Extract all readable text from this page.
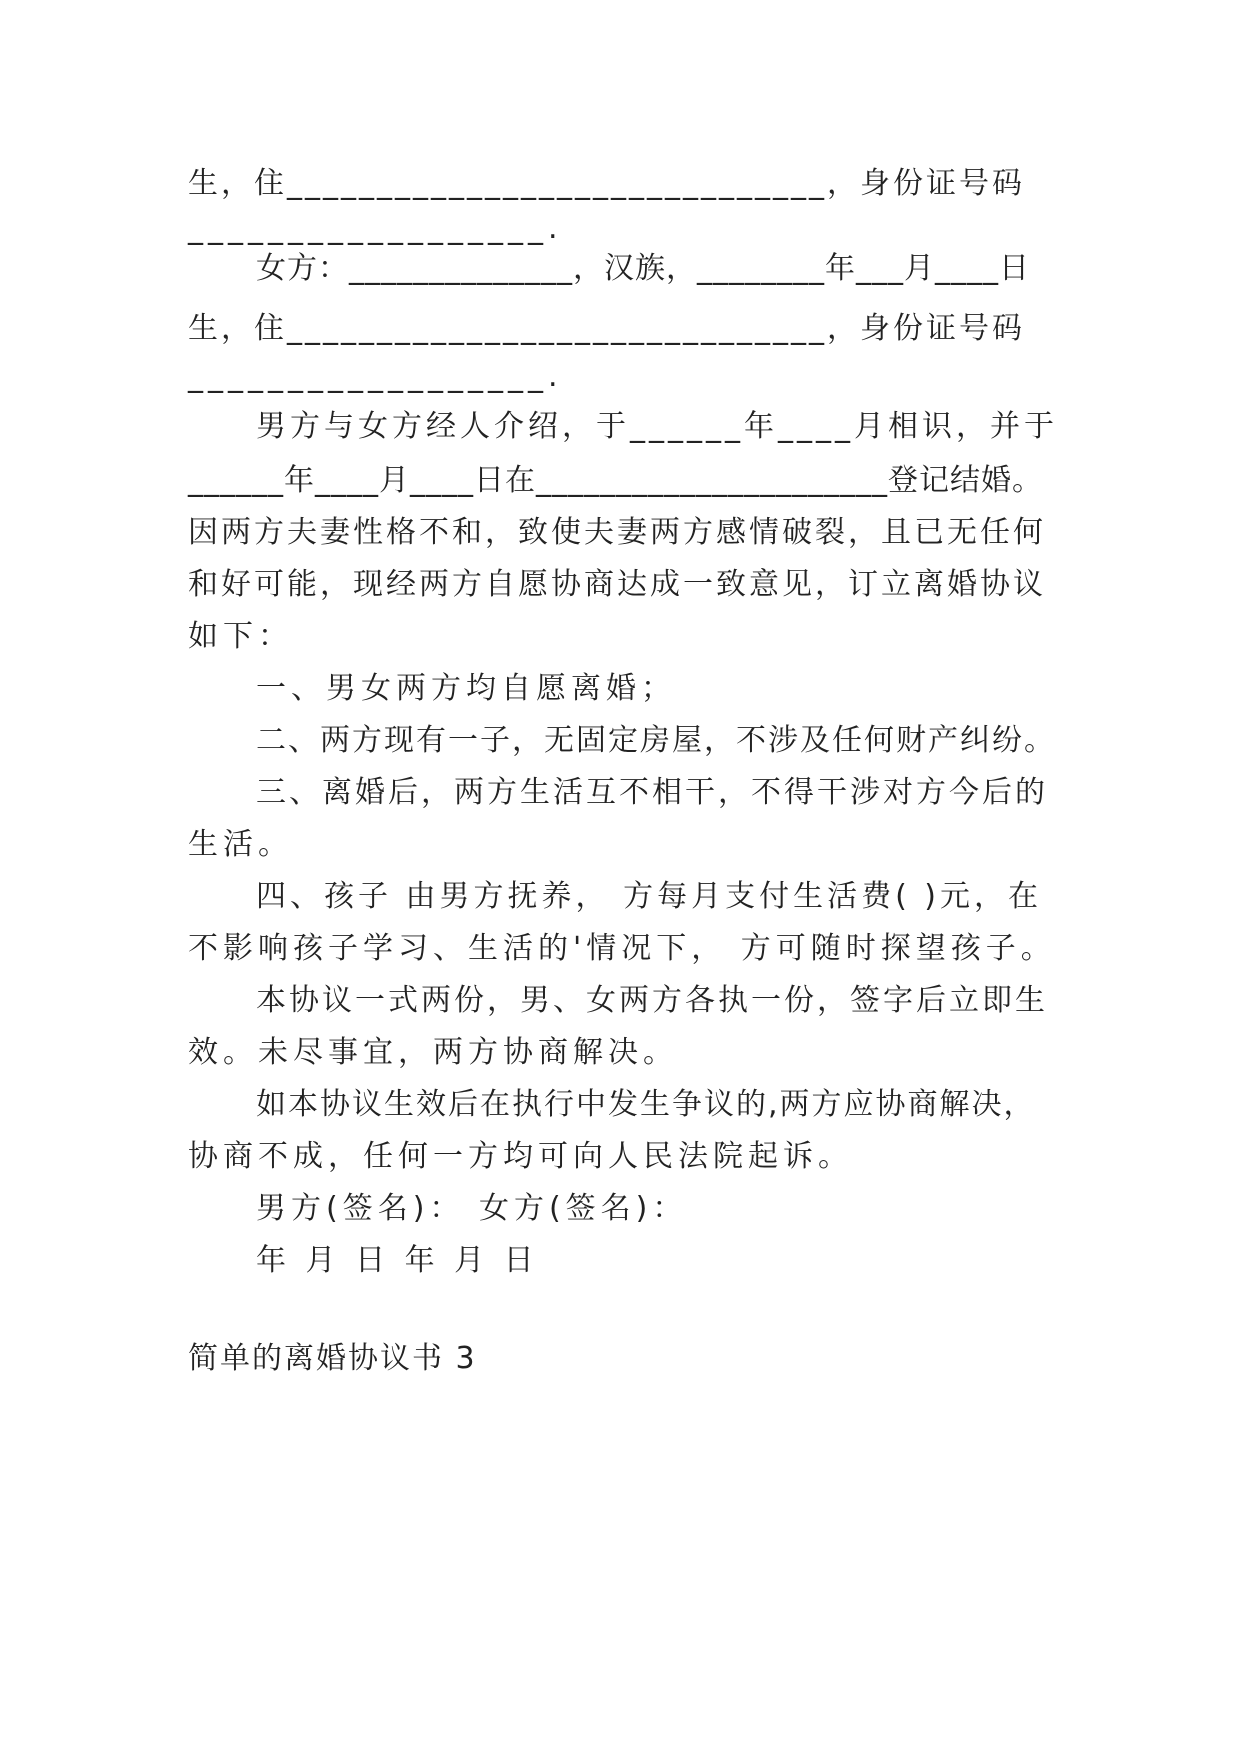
生，住______________________________，身份证号码
__________________.
女方：______________，汉族，________年___月____日
生，住______________________________，身份证号码
__________________.
男方与女方经人介绍，于______年____月相识，并于
______年____月____日在______________________登记结婚。
因两方夫妻性格不和，致使夫妻两方感情破裂，且已无任何
和好可能，现经两方自愿协商达成一致意见，订立离婚协议
如下：
一、男女两方均自愿离婚；
二、两方现有一子，无固定房屋，不涉及任何财产纠纷。
三、离婚后，两方生活互不相干，不得干涉对方今后的
生活。
四、孩子 由男方抚养， 方每月支付生活费( )元，在
不影响孩子学习、生活的'情况下， 方可随时探望孩子。
本协议一式两份，男、女两方各执一份，签字后立即生
效。未尽事宜，两方协商解决。
如本协议生效后在执行中发生争议的,两方应协商解决，
协商不成，任何一方均可向人民法院起诉。
男方(签名)： 女方(签名)：
年 月 日 年 月 日
简单的离婚协议书 3
